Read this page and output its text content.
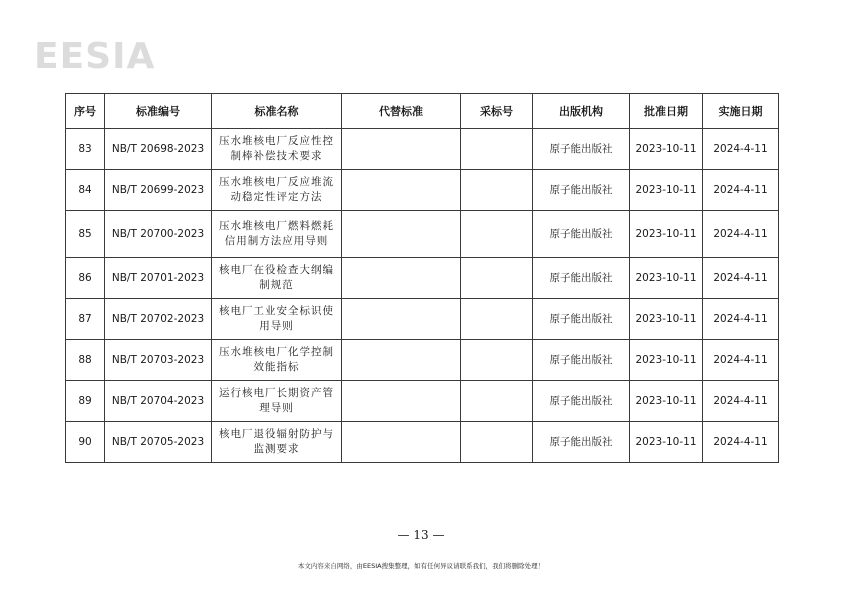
EESIA
序号	标准编号	标准名称	代替标准	采标号	出版机构	批准日期	实施日期
83	NB/T 20698-2023	压水堆核电厂反应性控制棒补偿技术要求			原子能出版社	2023-10-11	2024-4-11
84	NB/T 20699-2023	压水堆核电厂反应堆流动稳定性评定方法			原子能出版社	2023-10-11	2024-4-11
85	NB/T 20700-2023	压水堆核电厂燃料燃耗信用制方法应用导则			原子能出版社	2023-10-11	2024-4-11
86	NB/T 20701-2023	核电厂在役检查大纲编制规范			原子能出版社	2023-10-11	2024-4-11
87	NB/T 20702-2023	核电厂工业安全标识使用导则			原子能出版社	2023-10-11	2024-4-11
88	NB/T 20703-2023	压水堆核电厂化学控制效能指标			原子能出版社	2023-10-11	2024-4-11
89	NB/T 20704-2023	运行核电厂长期资产管理导则			原子能出版社	2023-10-11	2024-4-11
90	NB/T 20705-2023	核电厂退役辐射防护与监测要求			原子能出版社	2023-10-11	2024-4-11
— 13 —
本文内容来自网络，由EESIA搜集整理，如有任何异议请联系我们，我们将删除处理！
